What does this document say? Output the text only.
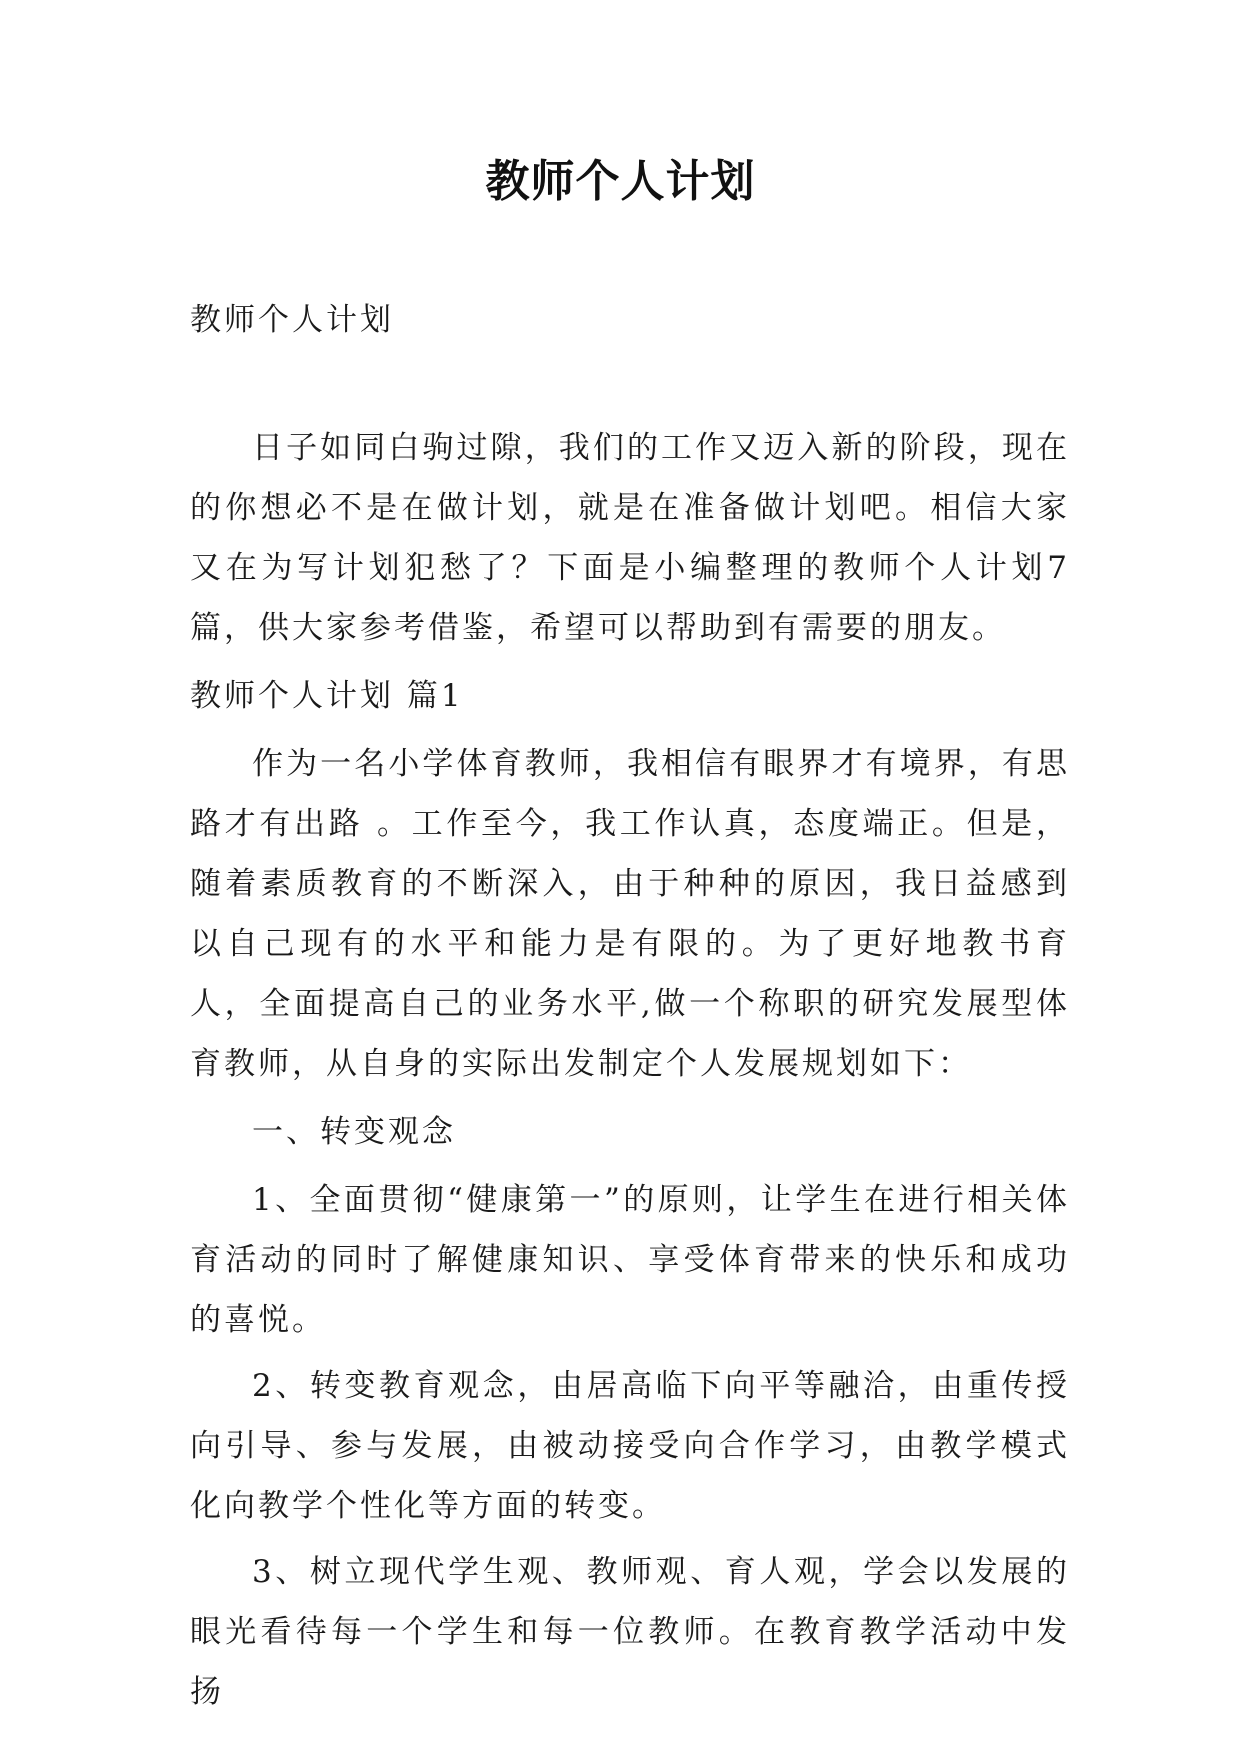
教师个人计划

教师个人计划

日子如同白驹过隙，我们的工作又迈入新的阶段，现在的你想必不是在做计划，就是在准备做计划吧。相信大家又在为写计划犯愁了？下面是小编整理的教师个人计划7篇，供大家参考借鉴，希望可以帮助到有需要的朋友。

教师个人计划 篇1

作为一名小学体育教师，我相信有眼界才有境界，有思路才有出路 。工作至今，我工作认真，态度端正。但是，随着素质教育的不断深入，由于种种的原因，我日益感到以自己现有的水平和能力是有限的。为了更好地教书育人，全面提高自己的业务水平,做一个称职的研究发展型体育教师，从自身的实际出发制定个人发展规划如下：

一、转变观念

1、全面贯彻“健康第一”的原则，让学生在进行相关体育活动的同时了解健康知识、享受体育带来的快乐和成功的喜悦。

2、转变教育观念，由居高临下向平等融洽，由重传授向引导、参与发展，由被动接受向合作学习，由教学模式化向教学个性化等方面的转变。

3、树立现代学生观、教师观、育人观，学会以发展的眼光看待每一个学生和每一位教师。在教育教学活动中发扬
